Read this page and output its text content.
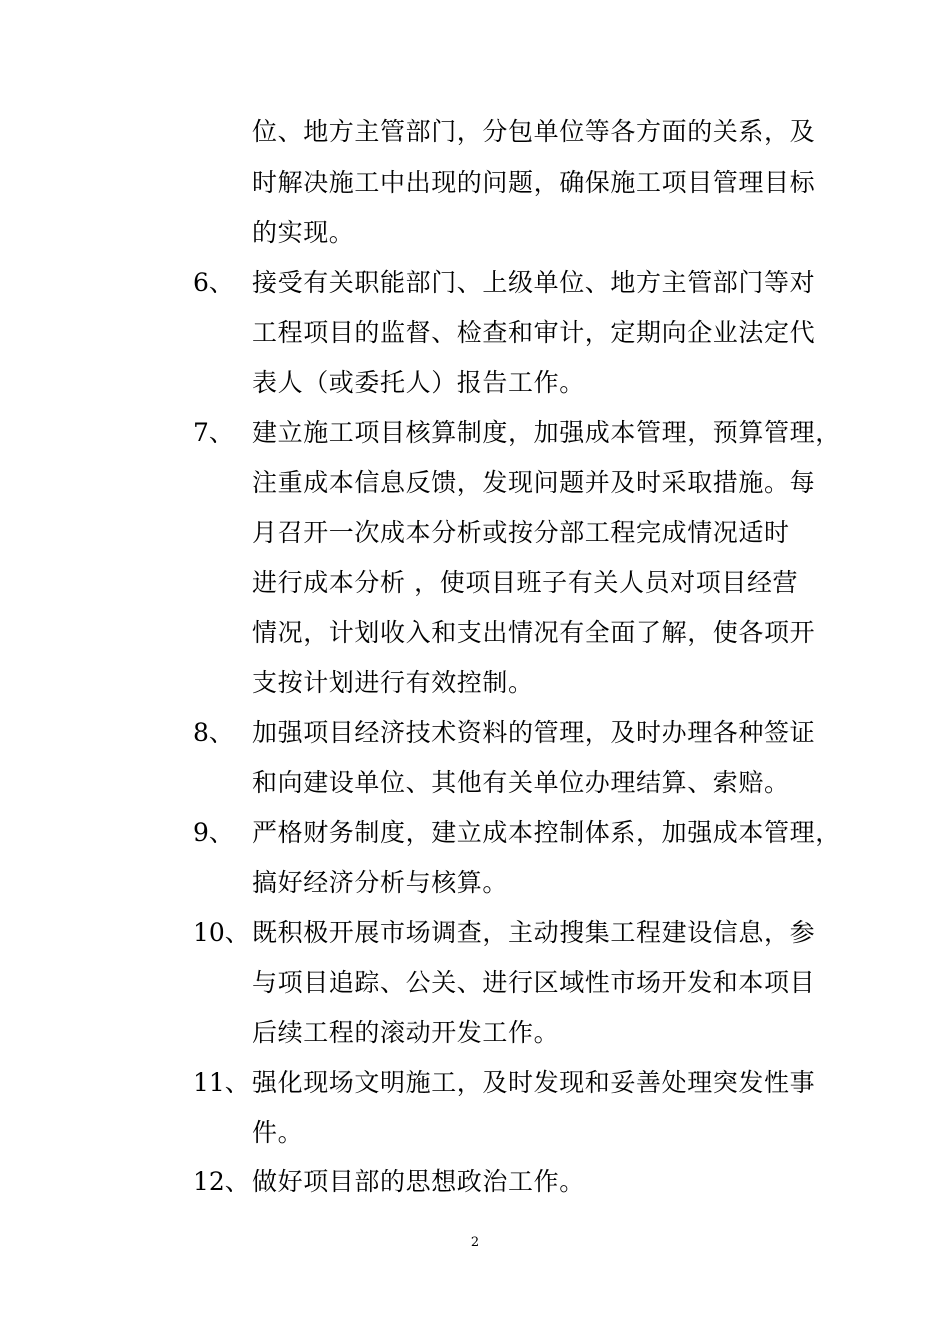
位、地方主管部门，分包单位等各方面的关系，及
时解决施工中出现的问题，确保施工项目管理目标
的实现。
6、 接受有关职能部门、上级单位、地方主管部门等对
工程项目的监督、检查和审计，定期向企业法定代
表人（或委托人）报告工作。
7、 建立施工项目核算制度，加强成本管理，预算管理，
注重成本信息反馈，发现问题并及时采取措施。每
月召开一次成本分析或按分部工程完成情况适时
进行成本分析 ，使项目班子有关人员对项目经营
情况，计划收入和支出情况有全面了解，使各项开
支按计划进行有效控制。
8、 加强项目经济技术资料的管理，及时办理各种签证
和向建设单位、其他有关单位办理结算、索赔。
9、 严格财务制度，建立成本控制体系，加强成本管理，
搞好经济分析与核算。
10、 既积极开展市场调查，主动搜集工程建设信息，参
与项目追踪、公关、进行区域性市场开发和本项目
后续工程的滚动开发工作。
11、 强化现场文明施工，及时发现和妥善处理突发性事
件。
12、 做好项目部的思想政治工作。
2
